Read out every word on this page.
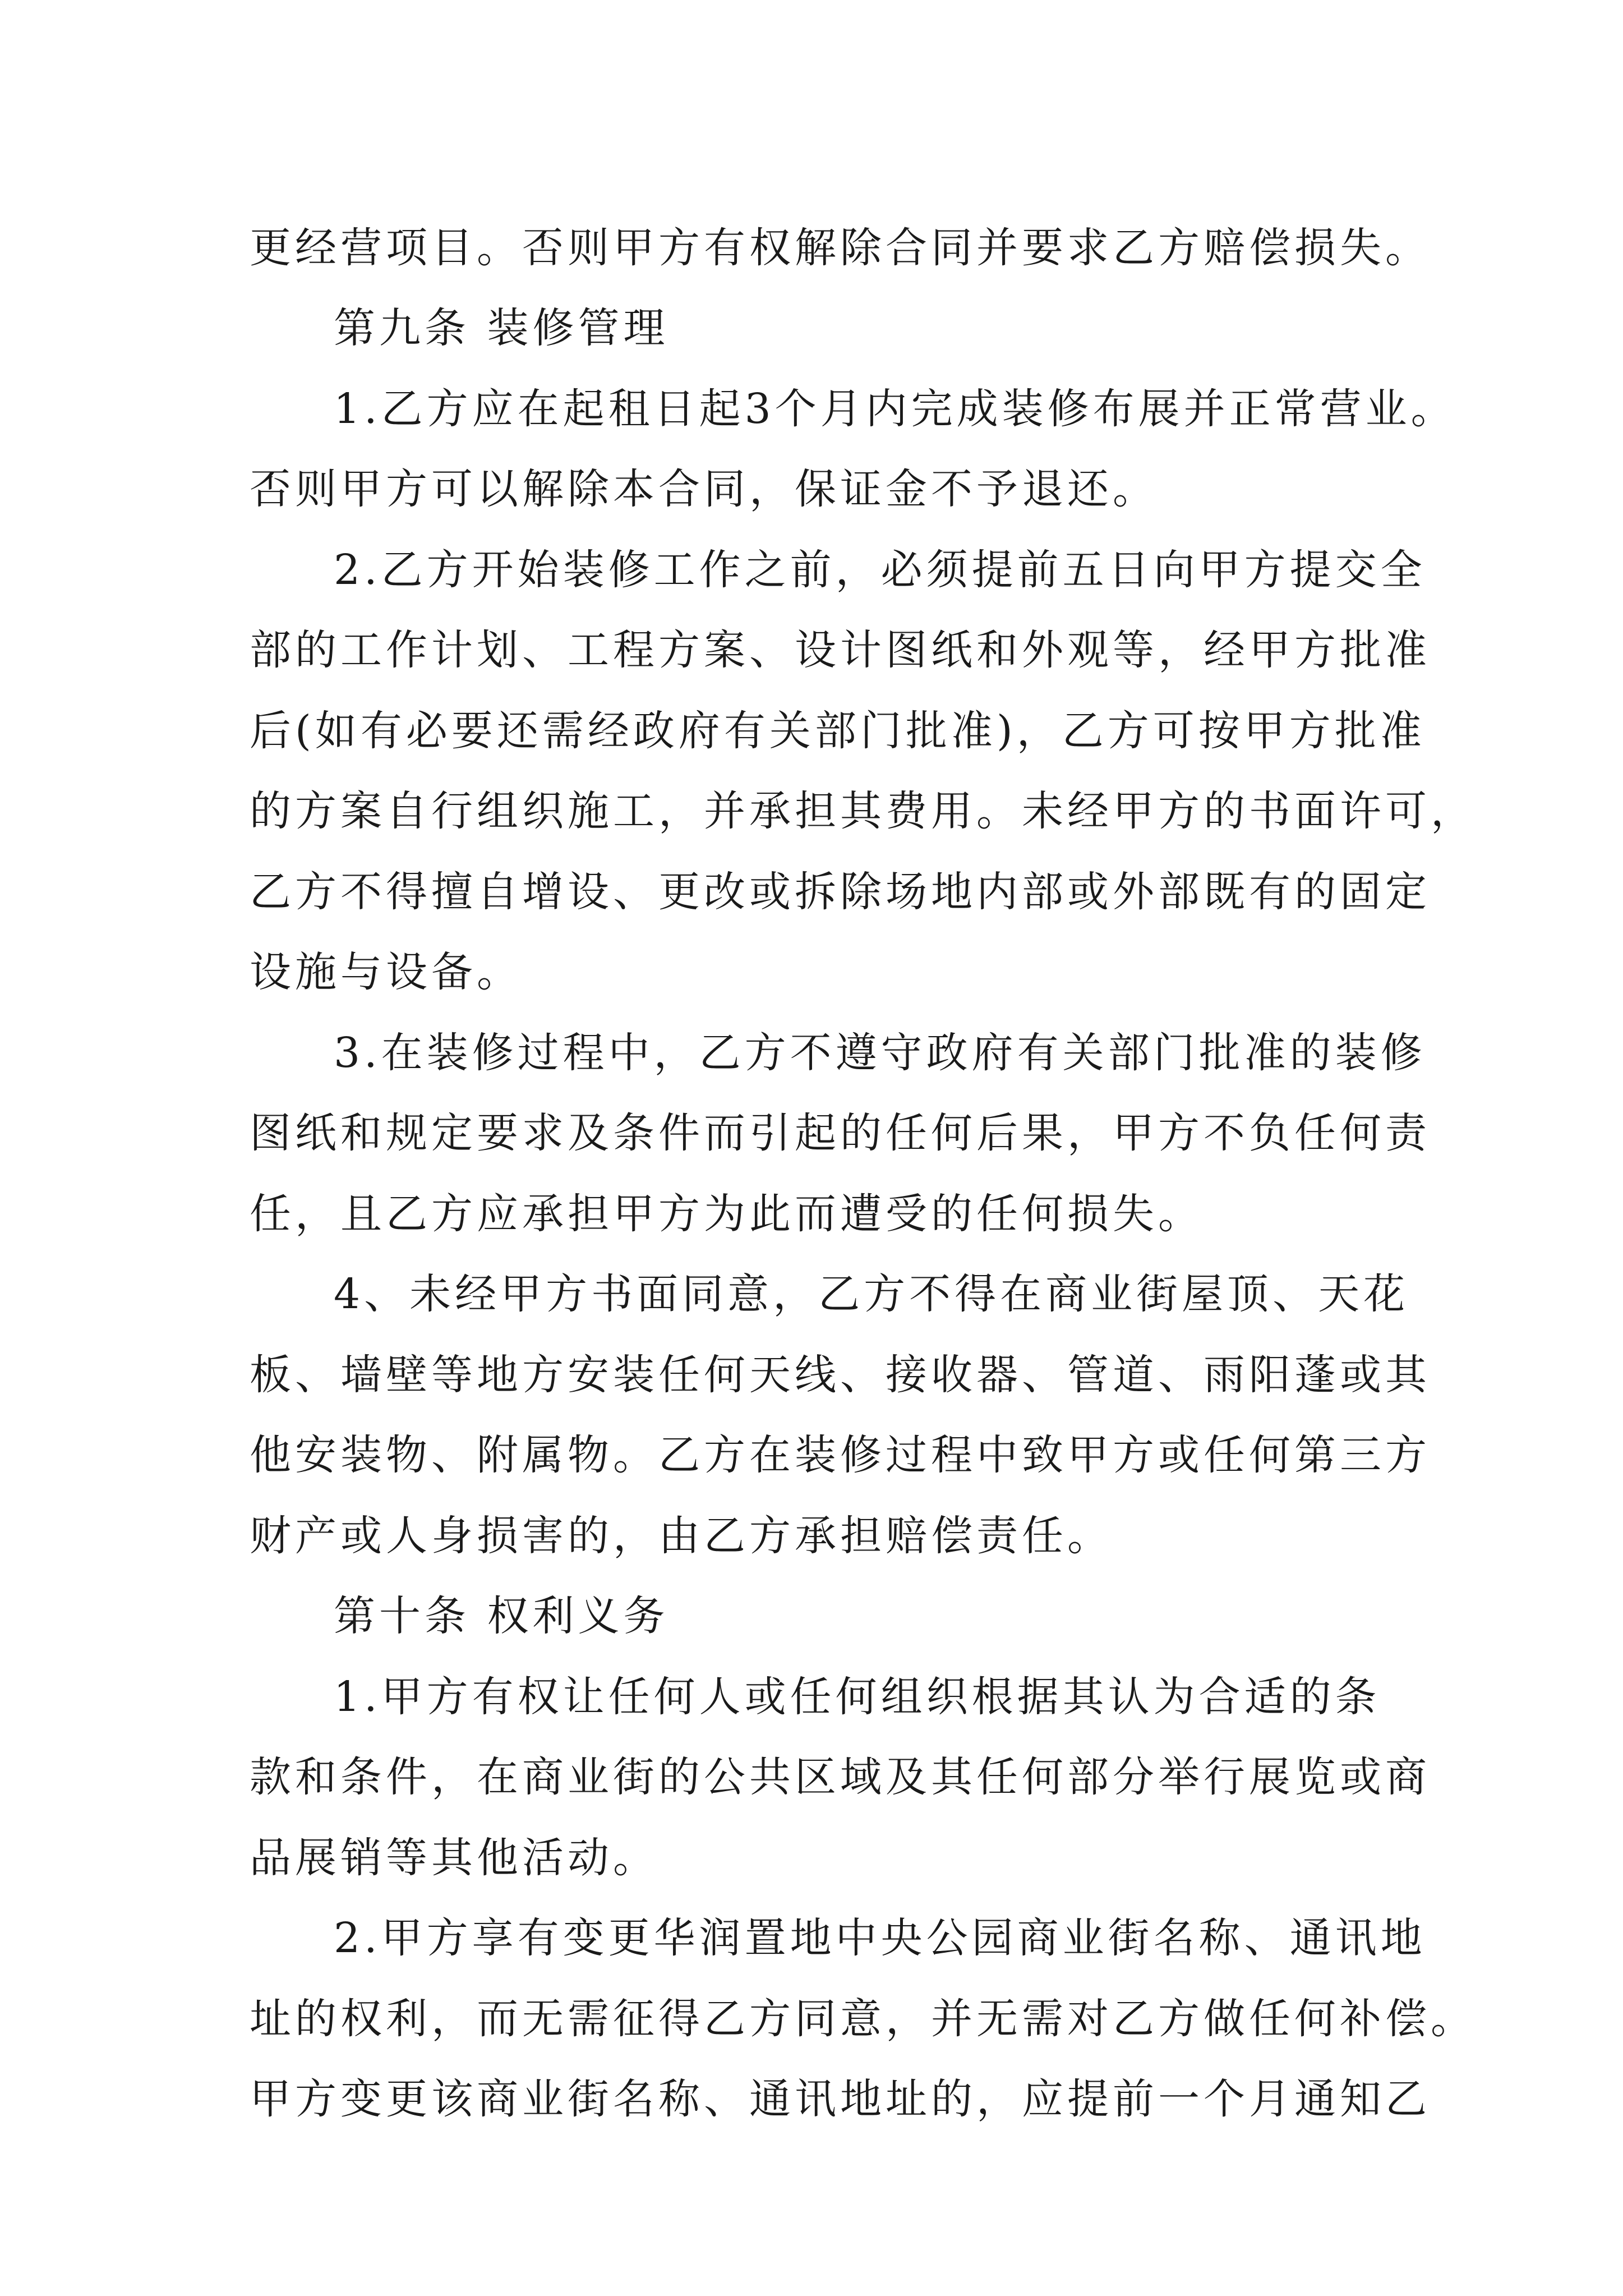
更经营项目。否则甲方有权解除合同并要求乙方赔偿损失。
第九条 装修管理
1.乙方应在起租日起3个月内完成装修布展并正常营业。
否则甲方可以解除本合同，保证金不予退还。
2.乙方开始装修工作之前，必须提前五日向甲方提交全
部的工作计划、工程方案、设计图纸和外观等，经甲方批准
后(如有必要还需经政府有关部门批准)，乙方可按甲方批准
的方案自行组织施工，并承担其费用。未经甲方的书面许可，
乙方不得擅自增设、更改或拆除场地内部或外部既有的固定
设施与设备。
3.在装修过程中，乙方不遵守政府有关部门批准的装修
图纸和规定要求及条件而引起的任何后果，甲方不负任何责
任，且乙方应承担甲方为此而遭受的任何损失。
4、未经甲方书面同意，乙方不得在商业街屋顶、天花
板、墙壁等地方安装任何天线、接收器、管道、雨阳蓬或其
他安装物、附属物。乙方在装修过程中致甲方或任何第三方
财产或人身损害的，由乙方承担赔偿责任。
第十条 权利义务
1.甲方有权让任何人或任何组织根据其认为合适的条
款和条件，在商业街的公共区域及其任何部分举行展览或商
品展销等其他活动。
2.甲方享有变更华润置地中央公园商业街名称、通讯地
址的权利，而无需征得乙方同意，并无需对乙方做任何补偿。
甲方变更该商业街名称、通讯地址的，应提前一个月通知乙
